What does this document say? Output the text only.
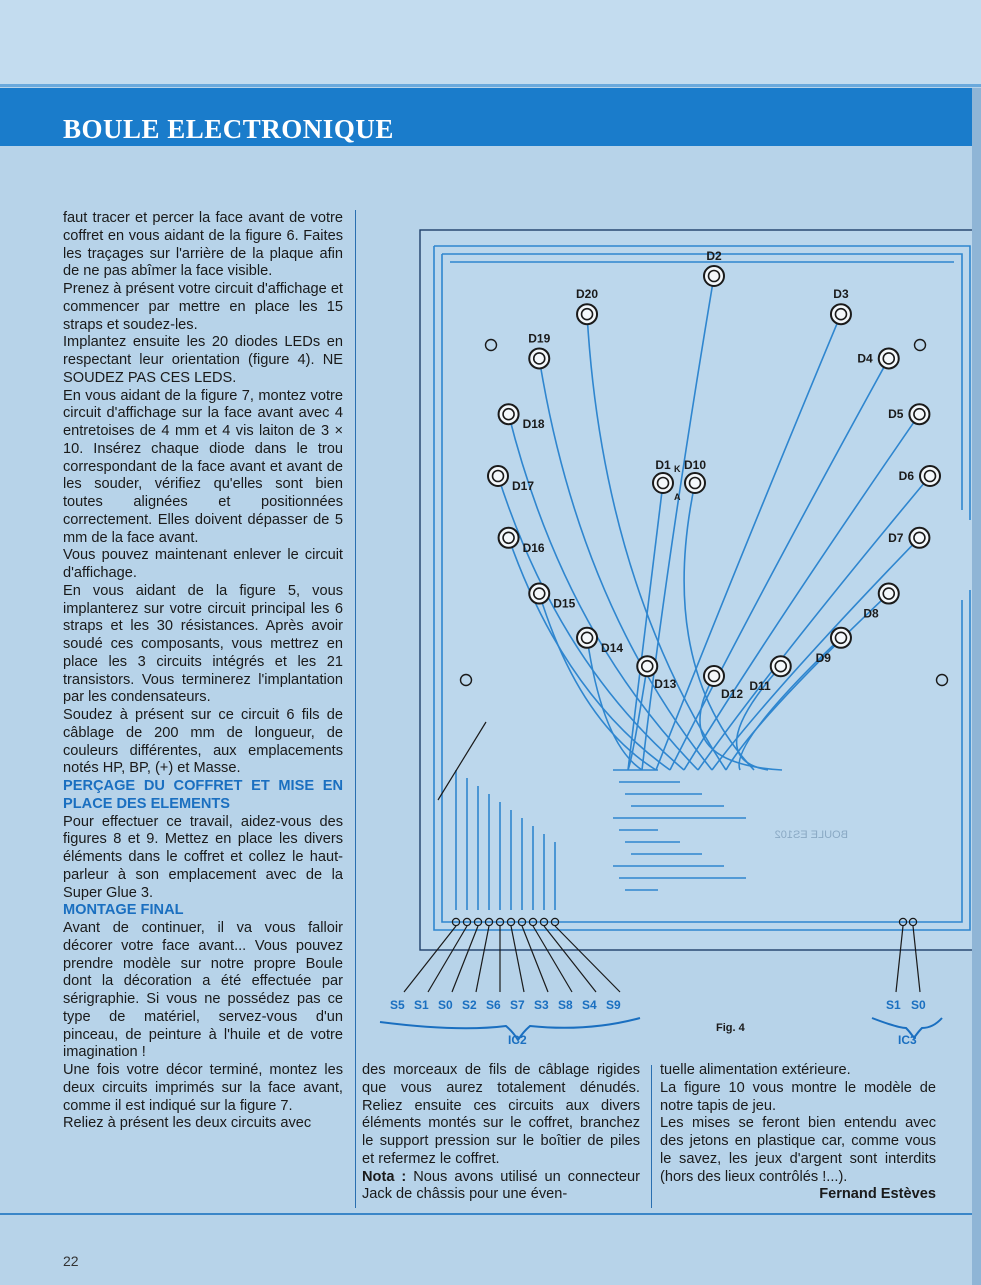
BOULE ELECTRONIQUE

faut tracer et percer la face avant de votre coffret en vous aidant de la figure 6. Faites les traçages sur l'arrière de la plaque afin de ne pas abîmer la face visible.

Prenez à présent votre circuit d'affichage et commencer par mettre en place les 15 straps et soudez-les.

Implantez ensuite les 20 diodes LEDs en respectant leur orientation (figure 4). NE SOUDEZ PAS CES LEDS.

En vous aidant de la figure 7, montez votre circuit d'affichage sur la face avant avec 4 entretoises de 4 mm et 4 vis laiton de 3 × 10. Insérez chaque diode dans le trou correspondant de la face avant et avant de les souder, vérifiez qu'elles sont bien toutes alignées et positionnées correctement. Elles doivent dépasser de 5 mm de la face avant.

Vous pouvez maintenant enlever le circuit d'affichage.

En vous aidant de la figure 5, vous implanterez sur votre circuit principal les 6 straps et les 30 résistances. Après avoir soudé ces composants, vous mettrez en place les 3 circuits intégrés et les 21 transistors. Vous terminerez l'implantation par les condensateurs.

Soudez à présent sur ce circuit 6 fils de câblage de 200 mm de longueur, de couleurs différentes, aux emplacements notés HP, BP, (+) et Masse.

PERÇAGE DU COFFRET ET MISE EN PLACE DES ELEMENTS

Pour effectuer ce travail, aidez-vous des figures 8 et 9. Mettez en place les divers éléments dans le coffret et collez le haut-parleur à son emplacement avec de la Super Glue 3.

MONTAGE FINAL

Avant de continuer, il va vous falloir décorer votre face avant... Vous pouvez prendre modèle sur notre propre Boule dont la décoration a été effectuée par sérigraphie. Si vous ne possédez pas ce type de matériel, servez-vous d'un pinceau, de peinture à l'huile et de votre imagination !

Une fois votre décor terminé, montez les deux circuits imprimés sur la face avant, comme il est indiqué sur la figure 7.

Reliez à présent les deux circuits avec

D1
D2
D3
D4
D5
D6
D7
D8
D9
D10
D11
D12
D13
D14
D15
D16
D17
D18
D19
D20
K
A
BOULE ES102
S5 S1 S0 S2 S6 S7 S3 S8 S4 S9
IC2
S1 S0
IC3
Fig. 4

des morceaux de fils de câblage rigides que vous aurez totalement dénudés. Reliez ensuite ces circuits aux divers éléments montés sur le coffret, branchez le support pression sur le boîtier de piles et refermez le coffret.

Nota : Nous avons utilisé un connecteur Jack de châssis pour une éven-

tuelle alimentation extérieure.

La figure 10 vous montre le modèle de notre tapis de jeu.

Les mises se feront bien entendu avec des jetons en plastique car, comme vous le savez, les jeux d'argent sont interdits (hors des lieux contrôlés !...).

Fernand Estèves

22
